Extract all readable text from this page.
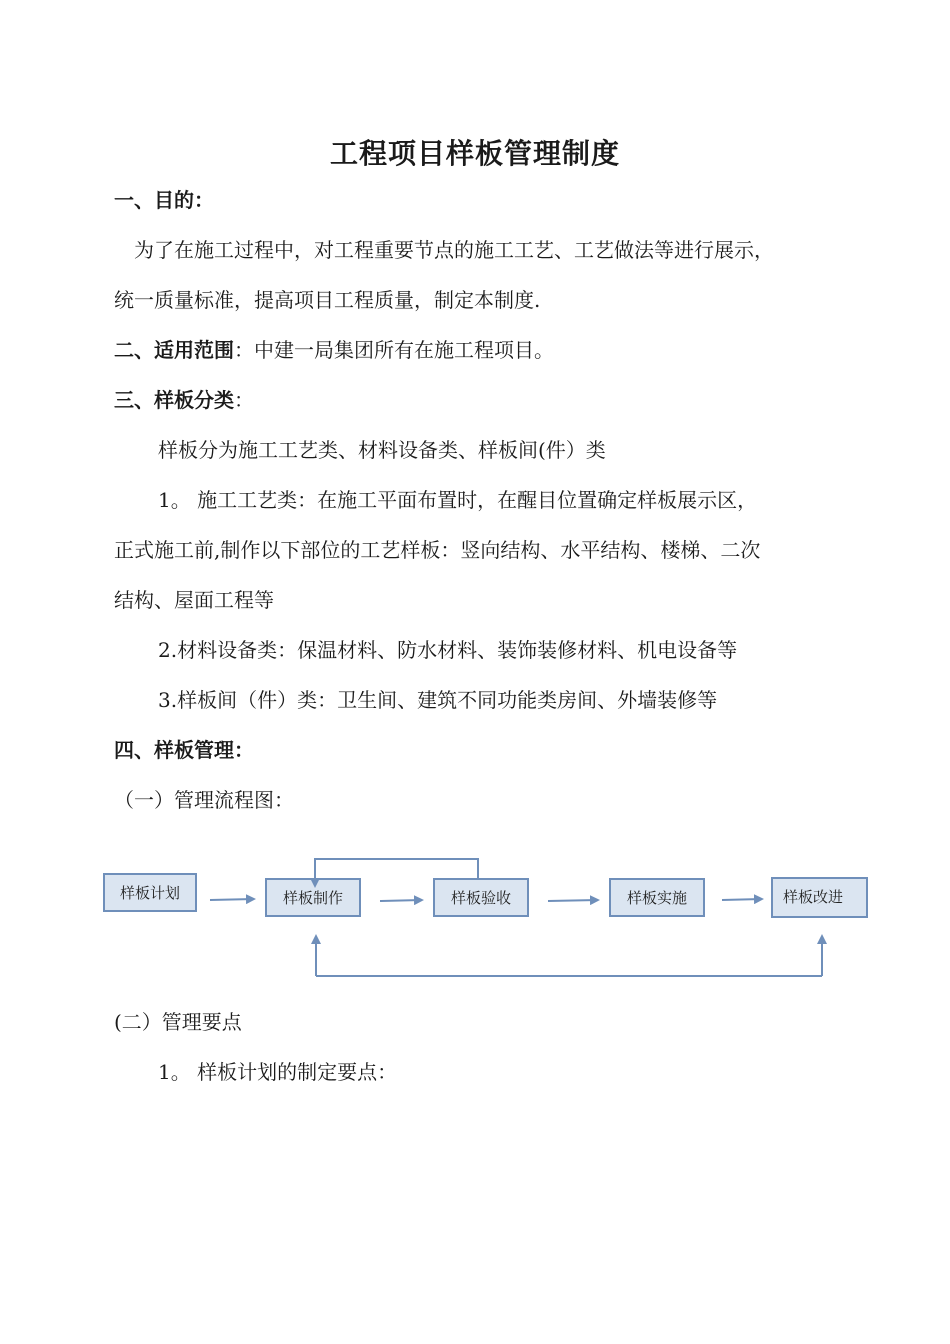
工程项目样板管理制度
一、目的：
为了在施工过程中，对工程重要节点的施工工艺、工艺做法等进行展示，
统一质量标准，提高项目工程质量，制定本制度.
二、适用范围：中建一局集团所有在施工程项目。
三、样板分类：
样板分为施工工艺类、材料设备类、样板间(件）类
1。 施工工艺类：在施工平面布置时，在醒目位置确定样板展示区，
正式施工前,制作以下部位的工艺样板：竖向结构、水平结构、楼梯、二次
结构、屋面工程等
2.材料设备类：保温材料、防水材料、装饰装修材料、机电设备等
3.样板间（件）类：卫生间、建筑不同功能类房间、外墙装修等
四、样板管理：
（一）管理流程图：
样板计划	样板制作	样板验收	样板实施	样板改进
(二）管理要点
1。 样板计划的制定要点：
